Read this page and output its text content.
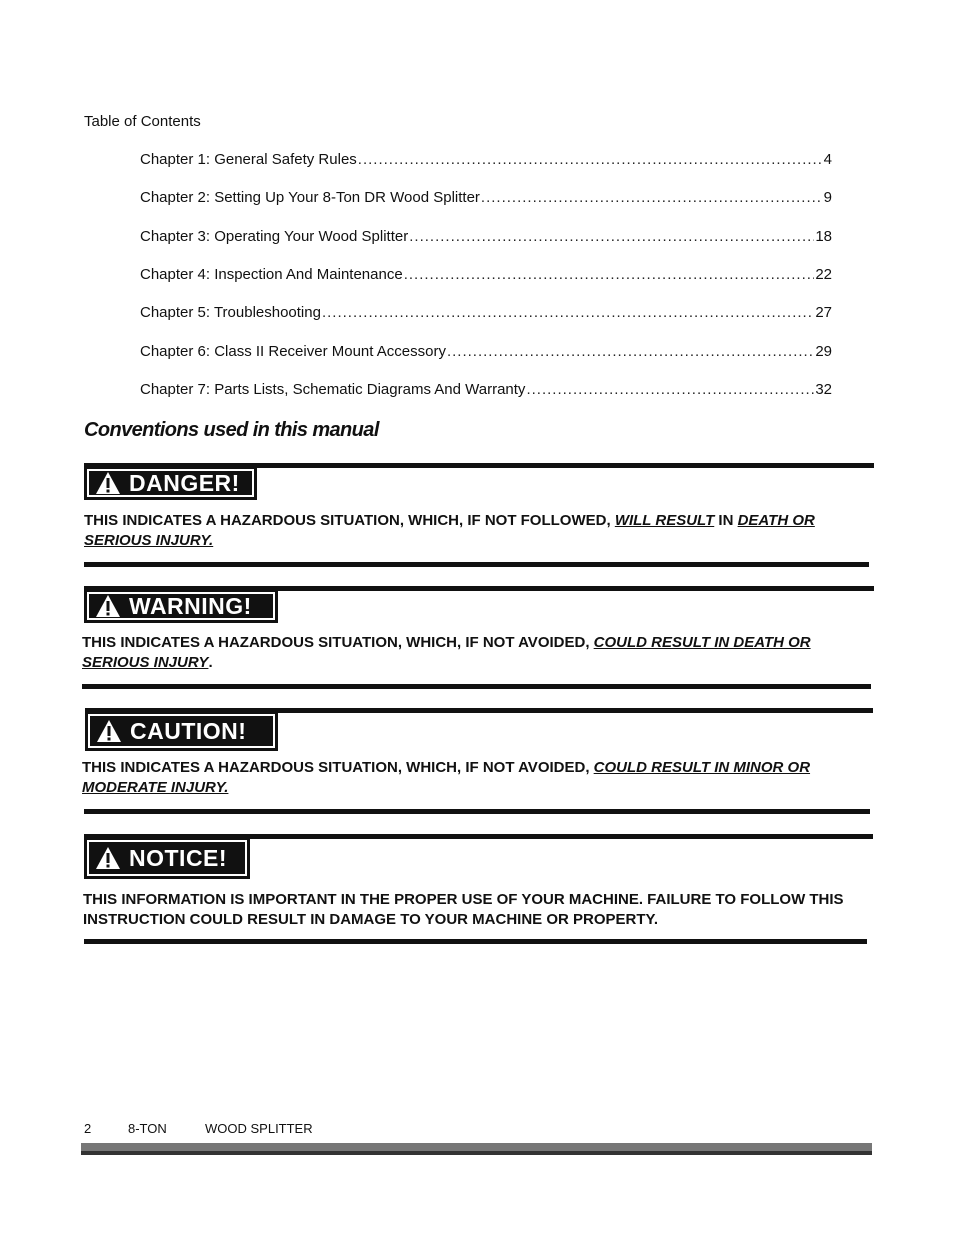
Table of Contents
Chapter 1: General Safety Rules .....	4
Chapter 2: Setting Up Your 8-Ton DR Wood Splitter .....	9
Chapter 3: Operating Your Wood Splitter .....	18
Chapter 4: Inspection And Maintenance .....	22
Chapter 5: Troubleshooting .....	27
Chapter 6: Class II Receiver Mount Accessory .....	29
Chapter 7: Parts Lists, Schematic Diagrams And Warranty .....	32
Conventions used in this manual
DANGER!
THIS INDICATES A HAZARDOUS SITUATION, WHICH, IF NOT FOLLOWED, WILL RESULT IN DEATH OR SERIOUS INJURY.
WARNING!
THIS INDICATES A HAZARDOUS SITUATION, WHICH, IF NOT AVOIDED, COULD RESULT IN DEATH OR SERIOUS INJURY.
CAUTION!
THIS INDICATES A HAZARDOUS SITUATION, WHICH, IF NOT AVOIDED, COULD RESULT IN MINOR OR MODERATE INJURY.
NOTICE!
THIS INFORMATION IS IMPORTANT IN THE PROPER USE OF YOUR MACHINE. FAILURE TO FOLLOW THIS INSTRUCTION COULD RESULT IN DAMAGE TO YOUR MACHINE OR PROPERTY.
2	8-TON	WOOD SPLITTER
